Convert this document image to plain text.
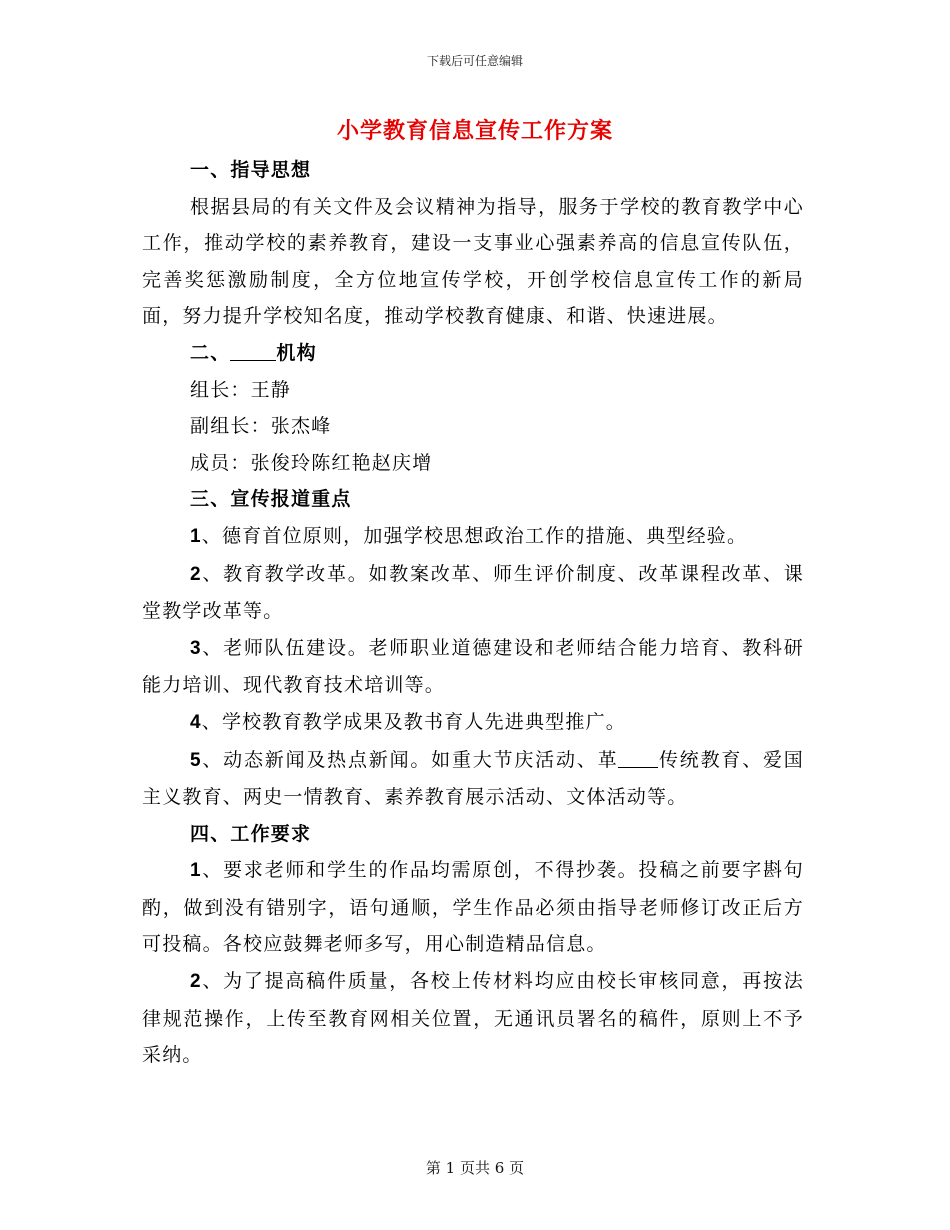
下载后可任意编辑
小学教育信息宣传工作方案

一、指导思想

根据县局的有关文件及会议精神为指导，服务于学校的教育教学中心工作，推动学校的素养教育，建设一支事业心强素养高的信息宣传队伍，完善奖惩激励制度，全方位地宣传学校，开创学校信息宣传工作的新局面，努力提升学校知名度，推动学校教育健康、和谐、快速进展。

二、 机构

组长：王静

副组长：张杰峰

成员：张俊玲陈红艳赵庆增

三、宣传报道重点

1、德育首位原则，加强学校思想政治工作的措施、典型经验。

2、教育教学改革。如教案改革、师生评价制度、改革课程改革、课堂教学改革等。

3、老师队伍建设。老师职业道德建设和老师结合能力培育、教科研能力培训、现代教育技术培训等。

4、学校教育教学成果及教书育人先进典型推广。

5、动态新闻及热点新闻。如重大节庆活动、革 传统教育、爱国主义教育、两史一情教育、素养教育展示活动、文体活动等。

四、工作要求

1、要求老师和学生的作品均需原创，不得抄袭。投稿之前要字斟句酌，做到没有错别字，语句通顺，学生作品必须由指导老师修订改正后方可投稿。各校应鼓舞老师多写，用心制造精品信息。

2、为了提高稿件质量，各校上传材料均应由校长审核同意，再按法律规范操作，上传至教育网相关位置，无通讯员署名的稿件，原则上不予采纳。

第 1 页共 6 页
